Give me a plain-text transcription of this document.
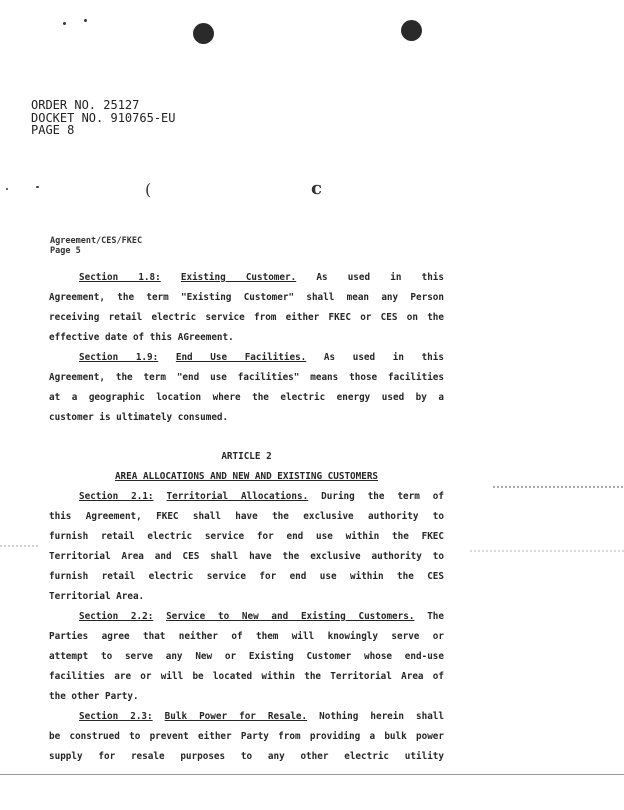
(	c
ORDER NO. 25127
DOCKET NO. 910765-EU
PAGE 8
Agreement/CES/FKEC
Page 5
Section 1.8: Existing Customer. As used in this
Agreement, the term "Existing Customer" shall mean any Person
receiving retail electric service from either FKEC or CES on the
effective date of this AGreement.
Section 1.9: End Use Facilities. As used in this
Agreement, the term "end use facilities" means those facilities
at a geographic location where the electric energy used by a
customer is ultimately consumed.
ARTICLE 2
AREA ALLOCATIONS AND NEW AND EXISTING CUSTOMERS
Section 2.1: Territorial Allocations. During the term of
this Agreement, FKEC shall have the exclusive authority to
furnish retail electric service for end use within the FKEC
Territorial Area and CES shall have the exclusive authority to
furnish retail electric service for end use within the CES
Territorial Area.
Section 2.2: Service to New and Existing Customers. The
Parties agree that neither of them will knowingly serve or
attempt to serve any New or Existing Customer whose end-use
facilities are or will be located within the Territorial Area of
the other Party.
Section 2.3: Bulk Power for Resale. Nothing herein shall
be construed to prevent either Party from providing a bulk power
supply for resale purposes to any other electric utility
